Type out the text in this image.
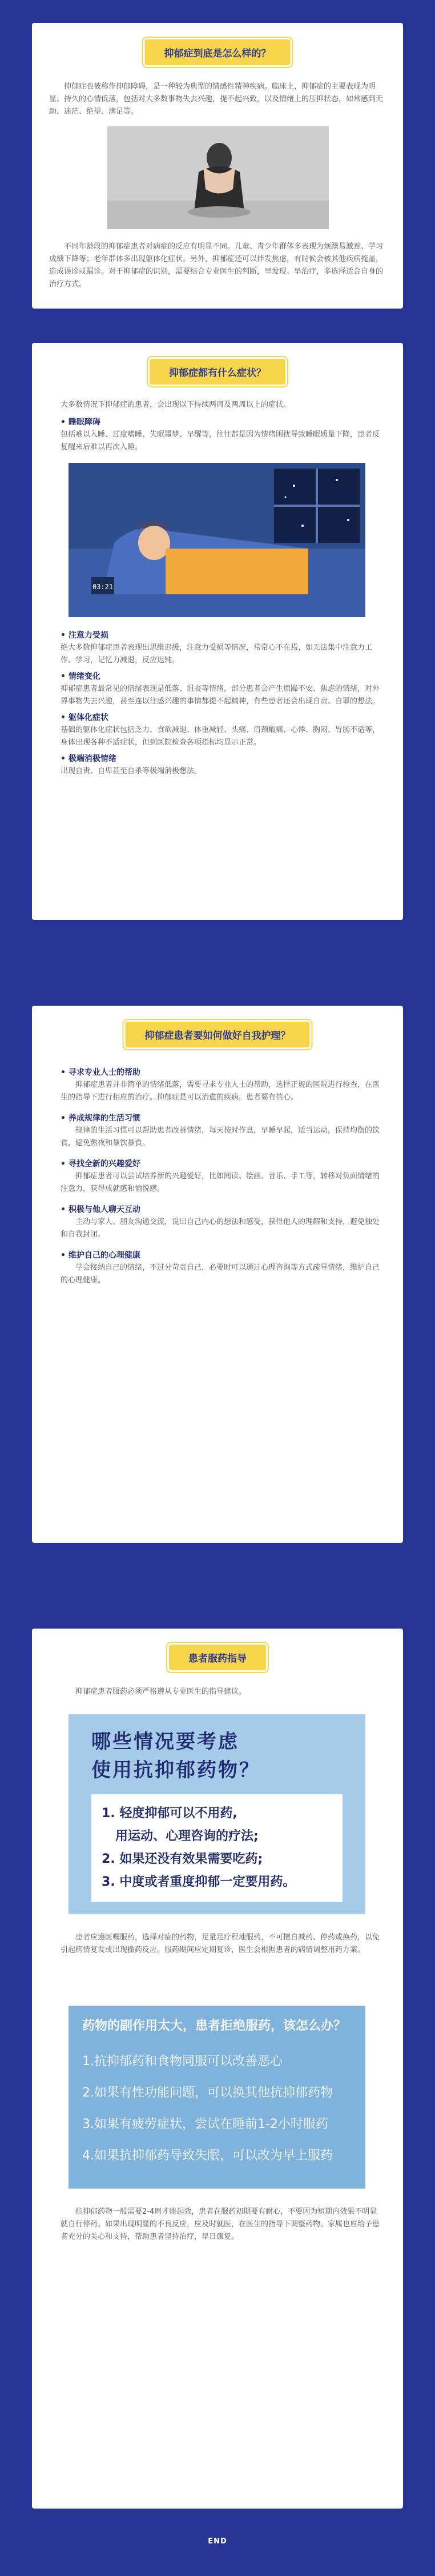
抑郁症到底是怎么样的？

抑郁症也被称作抑郁障碍，是一种较为典型的情感性精神疾病。临床上，抑郁症的主要表现为明显、持久的心情低落，包括对大多数事物失去兴趣，提不起兴致，以及情绪上的压抑状态，如常感到无助、迷茫、绝望、满足等。

不同年龄段的抑郁症患者对病症的反应有明显不同。儿童、青少年群体多表现为烦躁易激惹、学习成绩下降等；老年群体多出现躯体化症状。另外，抑郁症还可以伴发焦虑，有时候会被其他疾病掩盖，造成误诊或漏诊。对于抑郁症的识别，需要结合专业医生的判断，早发现、早治疗，多选择适合自身的治疗方式。

抑郁症都有什么症状？

大多数情况下抑郁症的患者，会出现以下持续两周及两周以上的症状。

• 睡眠障碍

包括难以入睡、过度嗜睡、失眠噩梦、早醒等，往往都是因为情绪困扰导致睡眠质量下降，患者反复醒来后难以再次入睡。

03:21
• 注意力受损

绝大多数抑郁症患者表现出思维迟缓，注意力受损等情况，常常心不在焉，如无法集中注意力工作、学习，记忆力减退，反应迟钝。

• 情绪变化

抑郁症患者最常见的情绪表现是低落、沮丧等情绪，部分患者会产生烦躁不安、焦虑的情绪，对外界事物失去兴趣，甚至连以往感兴趣的事情都提不起精神，有些患者还会出现自责、自罪的想法。

• 躯体化症状

基础的躯体化症状包括乏力、食欲减退、体重减轻、头痛、肩颈酸痛、心悸、胸闷、胃肠不适等，身体出现各种不适症状，但到医院检查各项指标均显示正常。

• 极端消极情绪

出现自责、自卑甚至自杀等极端消极想法。

抑郁症患者要如何做好自我护理？
• 寻求专业人士的帮助

抑郁症患者并非简单的情绪低落，需要寻求专业人士的帮助，选择正规的医院进行检查，在医生的指导下进行相应的治疗。抑郁症是可以治愈的疾病，患者要有信心。

• 养成规律的生活习惯

规律的生活习惯可以帮助患者改善情绪，每天按时作息，早睡早起，适当运动，保持均衡的饮食，避免熬夜和暴饮暴食。

• 寻找全新的兴趣爱好

抑郁症患者可以尝试培养新的兴趣爱好，比如阅读、绘画、音乐、手工等，转移对负面情绪的注意力，获得成就感和愉悦感。

• 积极与他人聊天互动

主动与家人、朋友沟通交流，说出自己内心的想法和感受，获得他人的理解和支持，避免独处和自我封闭。

• 维护自己的心理健康

学会接纳自己的情绪，不过分苛责自己，必要时可以通过心理咨询等方式疏导情绪，维护自己的心理健康。

患者服药指导

抑郁症患者服药必须严格遵从专业医生的指导建议。

哪些情况要考虑
使用抗抑郁药物？
1. 轻度抑郁可以不用药,
用运动、心理咨询的疗法;
2. 如果还没有效果需要吃药;
3. 中度或者重度抑郁一定要用药。

患者应遵医嘱服药，选择对症的药物，足量足疗程地服药，不可擅自减药、停药或换药，以免引起病情复发或出现撤药反应。服药期间应定期复诊，医生会根据患者的病情调整用药方案。

药物的副作用太大，患者拒绝服药，该怎么办？
1.抗抑郁药和食物同服可以改善恶心
2.如果有性功能问题，可以换其他抗抑郁药物
3.如果有疲劳症状，尝试在睡前1-2小时服药
4.如果抗抑郁药导致失眠，可以改为早上服药

抗抑郁药物一般需要2-4周才能起效，患者在服药初期要有耐心，不要因为短期内效果不明显就自行停药。如果出现明显的不良反应，应及时就医，在医生的指导下调整药物。家属也应给予患者充分的关心和支持，帮助患者坚持治疗，早日康复。

END
